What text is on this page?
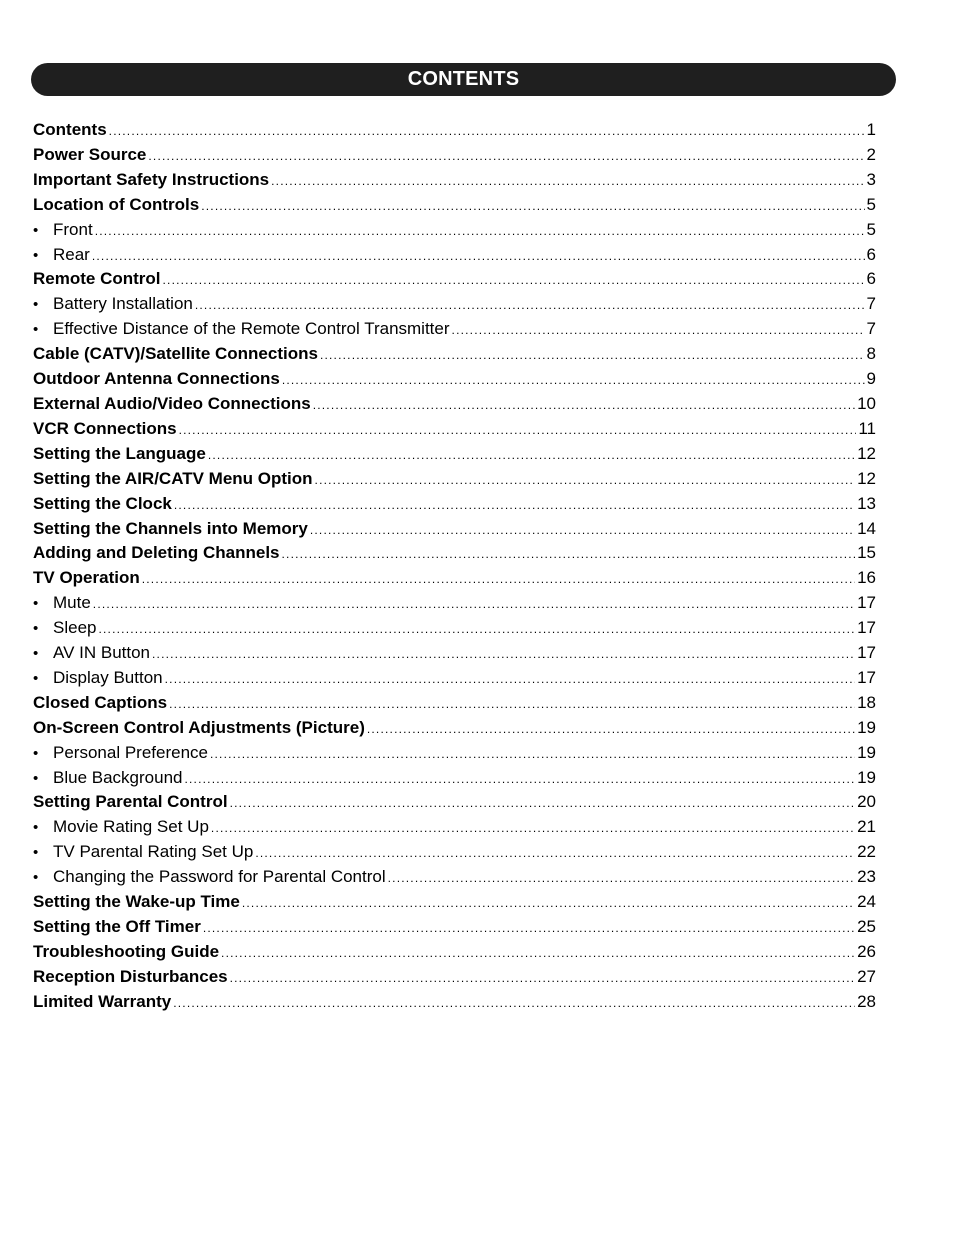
CONTENTS
Contents .....	1
Power Source .....	2
Important Safety Instructions .....	3
Location of Controls .....	5
• Front .....	5
• Rear .....	6
Remote Control .....	6
• Battery Installation .....	7
• Effective Distance of the Remote Control Transmitter .....	7
Cable (CATV)/Satellite Connections .....	8
Outdoor Antenna Connections .....	9
External Audio/Video Connections .....	10
VCR Connections .....	11
Setting the Language .....	12
Setting the AIR/CATV Menu Option .....	12
Setting the Clock .....	13
Setting the Channels into Memory .....	14
Adding and Deleting Channels .....	15
TV Operation .....	16
• Mute .....	17
• Sleep .....	17
• AV IN Button .....	17
• Display Button .....	17
Closed Captions .....	18
On-Screen Control Adjustments (Picture) .....	19
• Personal Preference .....	19
• Blue Background .....	19
Setting Parental Control .....	20
• Movie Rating Set Up .....	21
• TV Parental Rating Set Up .....	22
• Changing the Password for Parental Control .....	23
Setting the Wake-up Time .....	24
Setting the Off Timer .....	25
Troubleshooting Guide .....	26
Reception Disturbances .....	27
Limited Warranty .....	28
